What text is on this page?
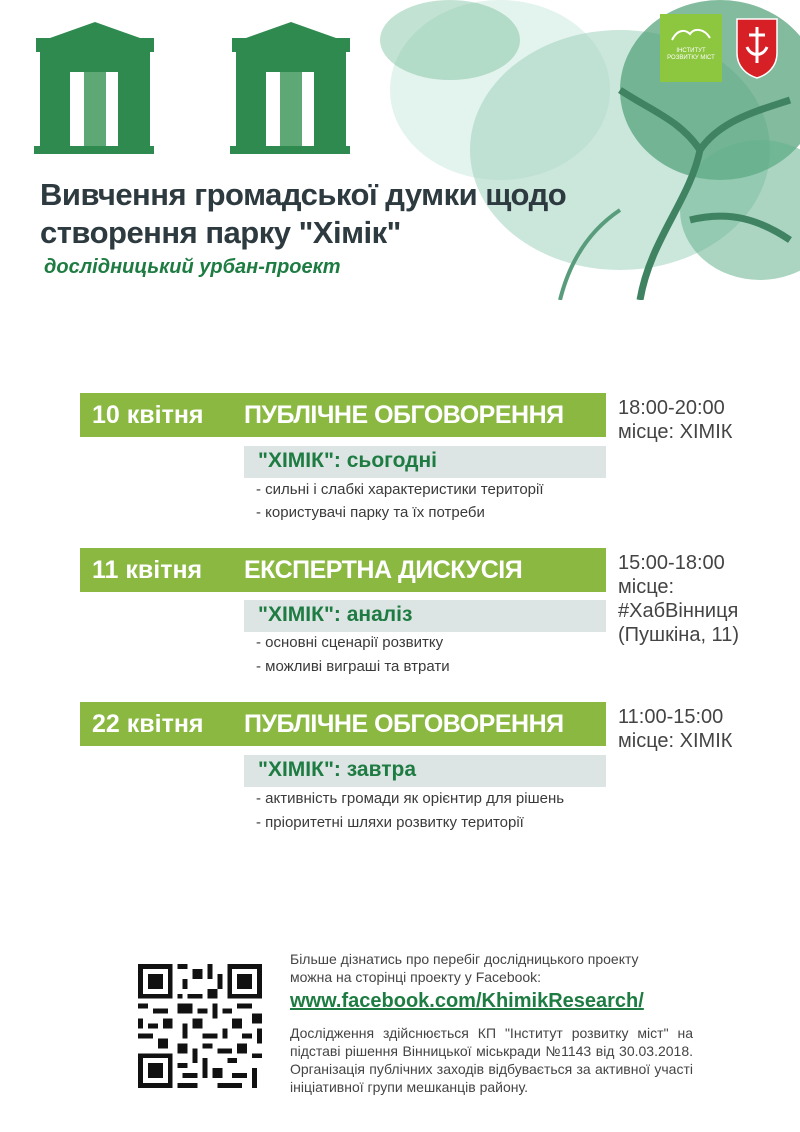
ІНСТИТУТ РОЗВИТКУ МІСТ
Вивчення громадської думки щодо
створення парку "Хімік"
дослідницький урбан-проект
10 квітня ПУБЛІЧНЕ ОБГОВОРЕННЯ
"ХІМІК": сьогодні
- сильні і слабкі характеристики території
- користувачі парку та їх потреби
18:00-20:00
місце: ХІМІК
11 квітня ЕКСПЕРТНА ДИСКУСІЯ
"ХІМІК": аналіз
- основні сценарії розвитку
- можливі виграші та втрати
15:00-18:00
місце:
#ХабВінниця
(Пушкіна, 11)
22 квітня ПУБЛІЧНЕ ОБГОВОРЕННЯ
"ХІМІК": завтра
- активність громади як орієнтир для рішень
- пріоритетні шляхи розвитку території
11:00-15:00
місце: ХІМІК
Більше дізнатись про перебіг дослідницького проекту
можна на сторінці проекту у Facebook:
www.facebook.com/KhimikResearch/
Дослідження здійснюється КП "Інститут розвитку міст" на підставі рішення Вінницької міськради №1143 від 30.03.2018. Організація публічних заходів відбувається за активної участі ініціативної групи мешканців району.
